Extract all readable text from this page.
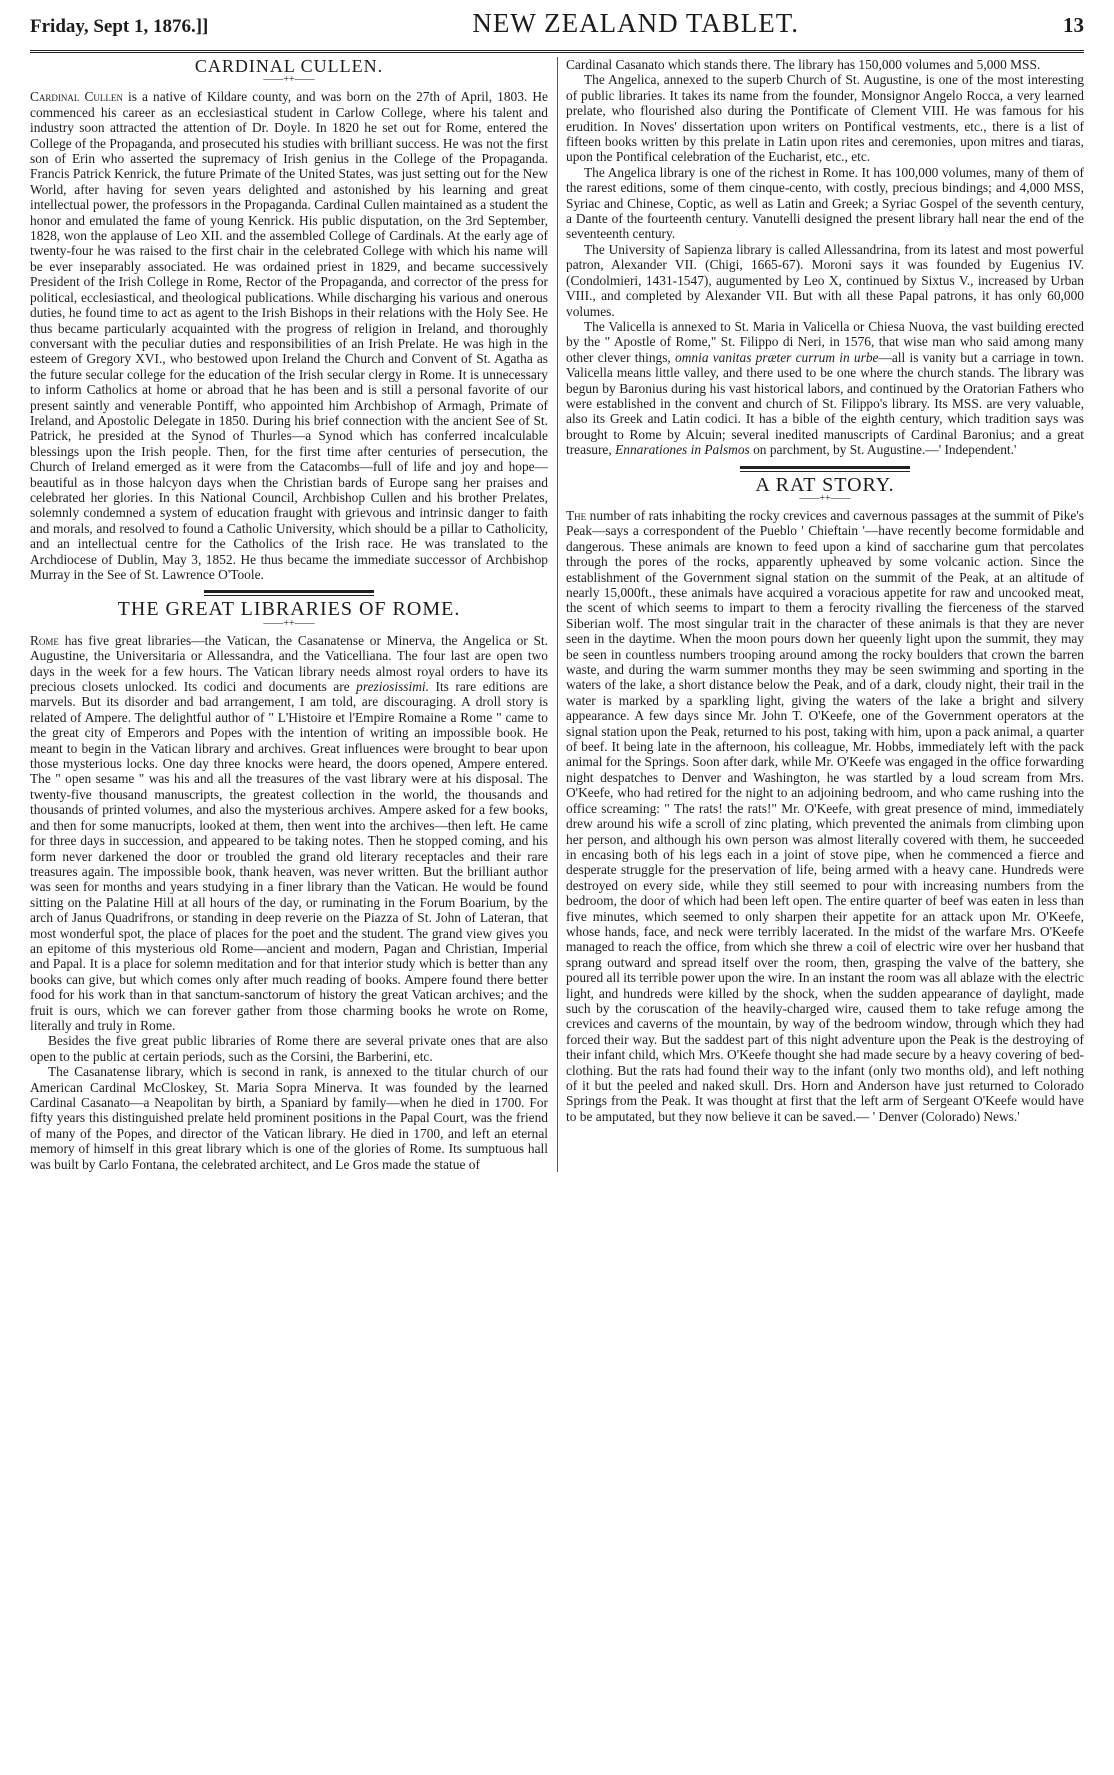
Friday, Sept 1, 1876.]]	NEW ZEALAND TABLET.	13
CARDINAL CULLEN.
——++——

Cardinal Cullen is a native of Kildare county, and was born on the 27th of April, 1803. He commenced his career as an ecclesiastical student in Carlow College, where his talent and industry soon attracted the attention of Dr. Doyle. In 1820 he set out for Rome, entered the College of the Propaganda, and prosecuted his studies with brilliant success. He was not the first son of Erin who asserted the supremacy of Irish genius in the College of the Propaganda. Francis Patrick Kenrick, the future Primate of the United States, was just setting out for the New World, after having for seven years delighted and astonished by his learning and great intellectual power, the professors in the Propaganda. Cardinal Cullen maintained as a student the honor and emulated the fame of young Kenrick. His public disputation, on the 3rd September, 1828, won the applause of Leo XII. and the assembled College of Cardinals. At the early age of twenty-four he was raised to the first chair in the celebrated College with which his name will be ever inseparably associated. He was ordained priest in 1829, and became successively President of the Irish College in Rome, Rector of the Propaganda, and corrector of the press for political, ecclesiastical, and theological publications. While discharging his various and onerous duties, he found time to act as agent to the Irish Bishops in their relations with the Holy See. He thus became particularly acquainted with the progress of religion in Ireland, and thoroughly conversant with the peculiar duties and responsibilities of an Irish Prelate. He was high in the esteem of Gregory XVI., who bestowed upon Ireland the Church and Convent of St. Agatha as the future secular college for the education of the Irish secular clergy in Rome. It is unnecessary to inform Catholics at home or abroad that he has been and is still a personal favorite of our present saintly and venerable Pontiff, who appointed him Archbishop of Armagh, Primate of Ireland, and Apostolic Delegate in 1850. During his brief connection with the ancient See of St. Patrick, he presided at the Synod of Thurles—a Synod which has conferred incalculable blessings upon the Irish people. Then, for the first time after centuries of persecution, the Church of Ireland emerged as it were from the Catacombs—full of life and joy and hope—beautiful as in those halcyon days when the Christian bards of Europe sang her praises and celebrated her glories. In this National Council, Archbishop Cullen and his brother Prelates, solemnly condemned a system of education fraught with grievous and intrinsic danger to faith and morals, and resolved to found a Catholic University, which should be a pillar to Catholicity, and an intellectual centre for the Catholics of the Irish race. He was translated to the Archdiocese of Dublin, May 3, 1852. He thus became the immediate successor of Archbishop Murray in the See of St. Lawrence O'Toole.

THE GREAT LIBRARIES OF ROME.
——++——

Rome has five great libraries—the Vatican, the Casanatense or Minerva, the Angelica or St. Augustine, the Universitaria or Allessandra, and the Vaticelliana. The four last are open two days in the week for a few hours. The Vatican library needs almost royal orders to have its precious closets unlocked. Its codici and documents are preziosissimi. Its rare editions are marvels. But its disorder and bad arrangement, I am told, are discouraging. A droll story is related of Ampere. The delightful author of " L'Histoire et l'Empire Romaine a Rome " came to the great city of Emperors and Popes with the intention of writing an impossible book. He meant to begin in the Vatican library and archives. Great influences were brought to bear upon those mysterious locks. One day three knocks were heard, the doors opened, Ampere entered. The " open sesame " was his and all the treasures of the vast library were at his disposal. The twenty-five thousand manuscripts, the greatest collection in the world, the thousands and thousands of printed volumes, and also the mysterious archives. Ampere asked for a few books, and then for some manucripts, looked at them, then went into the archives—then left. He came for three days in succession, and appeared to be taking notes. Then he stopped coming, and his form never darkened the door or troubled the grand old literary receptacles and their rare treasures again. The impossible book, thank heaven, was never written. But the brilliant author was seen for months and years studying in a finer library than the Vatican. He would be found sitting on the Palatine Hill at all hours of the day, or ruminating in the Forum Boarium, by the arch of Janus Quadrifrons, or standing in deep reverie on the Piazza of St. John of Lateran, that most wonderful spot, the place of places for the poet and the student. The grand view gives you an epitome of this mysterious old Rome—ancient and modern, Pagan and Christian, Imperial and Papal. It is a place for solemn meditation and for that interior study which is better than any books can give, but which comes only after much reading of books. Ampere found there better food for his work than in that sanctum-sanctorum of history the great Vatican archives; and the fruit is ours, which we can forever gather from those charming books he wrote on Rome, literally and truly in Rome.

Besides the five great public libraries of Rome there are several private ones that are also open to the public at certain periods, such as the Corsini, the Barberini, etc.

The Casanatense library, which is second in rank, is annexed to the titular church of our American Cardinal McCloskey, St. Maria Sopra Minerva. It was founded by the learned Cardinal Casanato—a Neapolitan by birth, a Spaniard by family—when he died in 1700. For fifty years this distinguished prelate held prominent positions in the Papal Court, was the friend of many of the Popes, and director of the Vatican library. He died in 1700, and left an eternal memory of himself in this great library which is one of the glories of Rome. Its sumptuous hall was built by Carlo Fontana, the celebrated architect, and Le Gros made the statue of

Cardinal Casanato which stands there. The library has 150,000 volumes and 5,000 MSS.

The Angelica, annexed to the superb Church of St. Augustine, is one of the most interesting of public libraries. It takes its name from the founder, Monsignor Angelo Rocca, a very learned prelate, who flourished also during the Pontificate of Clement VIII. He was famous for his erudition. In Noves' dissertation upon writers on Pontifical vestments, etc., there is a list of fifteen books written by this prelate in Latin upon rites and ceremonies, upon mitres and tiaras, upon the Pontifical celebration of the Eucharist, etc., etc.

The Angelica library is one of the richest in Rome. It has 100,000 volumes, many of them of the rarest editions, some of them cinque-cento, with costly, precious bindings; and 4,000 MSS, Syriac and Chinese, Coptic, as well as Latin and Greek; a Syriac Gospel of the seventh century, a Dante of the fourteenth century. Vanutelli designed the present library hall near the end of the seventeenth century.

The University of Sapienza library is called Allessandrina, from its latest and most powerful patron, Alexander VII. (Chigi, 1665-67). Moroni says it was founded by Eugenius IV. (Condolmieri, 1431-1547), augumented by Leo X, continued by Sixtus V., increased by Urban VIII., and completed by Alexander VII. But with all these Papal patrons, it has only 60,000 volumes.

The Valicella is annexed to St. Maria in Valicella or Chiesa Nuova, the vast building erected by the " Apostle of Rome," St. Filippo di Neri, in 1576, that wise man who said among many other clever things, omnia vanitas præter currum in urbe—all is vanity but a carriage in town. Valicella means little valley, and there used to be one where the church stands. The library was begun by Baronius during his vast historical labors, and continued by the Oratorian Fathers who were established in the convent and church of St. Filippo's library. Its MSS. are very valuable, also its Greek and Latin codici. It has a bible of the eighth century, which tradition says was brought to Rome by Alcuin; several inedited manuscripts of Cardinal Baronius; and a great treasure, Ennarationes in Palsmos on parchment, by St. Augustine.—' Independent.'

A RAT STORY.
——++——

The number of rats inhabiting the rocky crevices and cavernous passages at the summit of Pike's Peak—says a correspondent of the Pueblo ' Chieftain '—have recently become formidable and dangerous. These animals are known to feed upon a kind of saccharine gum that percolates through the pores of the rocks, apparently upheaved by some volcanic action. Since the establishment of the Government signal station on the summit of the Peak, at an altitude of nearly 15,000ft., these animals have acquired a voracious appetite for raw and uncooked meat, the scent of which seems to impart to them a ferocity rivalling the fierceness of the starved Siberian wolf. The most singular trait in the character of these animals is that they are never seen in the daytime. When the moon pours down her queenly light upon the summit, they may be seen in countless numbers trooping around among the rocky boulders that crown the barren waste, and during the warm summer months they may be seen swimming and sporting in the waters of the lake, a short distance below the Peak, and of a dark, cloudy night, their trail in the water is marked by a sparkling light, giving the waters of the lake a bright and silvery appearance. A few days since Mr. John T. O'Keefe, one of the Government operators at the signal station upon the Peak, returned to his post, taking with him, upon a pack animal, a quarter of beef. It being late in the afternoon, his colleague, Mr. Hobbs, immediately left with the pack animal for the Springs. Soon after dark, while Mr. O'Keefe was engaged in the office forwarding night despatches to Denver and Washington, he was startled by a loud scream from Mrs. O'Keefe, who had retired for the night to an adjoining bedroom, and who came rushing into the office screaming: " The rats! the rats!" Mr. O'Keefe, with great presence of mind, immediately drew around his wife a scroll of zinc plating, which prevented the animals from climbing upon her person, and although his own person was almost literally covered with them, he succeeded in encasing both of his legs each in a joint of stove pipe, when he commenced a fierce and desperate struggle for the preservation of life, being armed with a heavy cane. Hundreds were destroyed on every side, while they still seemed to pour with increasing numbers from the bedroom, the door of which had been left open. The entire quarter of beef was eaten in less than five minutes, which seemed to only sharpen their appetite for an attack upon Mr. O'Keefe, whose hands, face, and neck were terribly lacerated. In the midst of the warfare Mrs. O'Keefe managed to reach the office, from which she threw a coil of electric wire over her husband that sprang outward and spread itself over the room, then, grasping the valve of the battery, she poured all its terrible power upon the wire. In an instant the room was all ablaze with the electric light, and hundreds were killed by the shock, when the sudden appearance of daylight, made such by the coruscation of the heavily-charged wire, caused them to take refuge among the crevices and caverns of the mountain, by way of the bedroom window, through which they had forced their way. But the saddest part of this night adventure upon the Peak is the destroying of their infant child, which Mrs. O'Keefe thought she had made secure by a heavy covering of bed-clothing. But the rats had found their way to the infant (only two months old), and left nothing of it but the peeled and naked skull. Drs. Horn and Anderson have just returned to Colorado Springs from the Peak. It was thought at first that the left arm of Sergeant O'Keefe would have to be amputated, but they now believe it can be saved.— ' Denver (Colorado) News.'
